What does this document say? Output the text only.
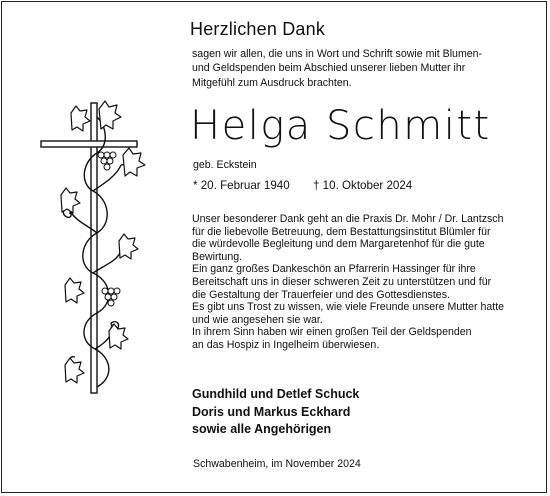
Herzlichen Dank
sagen wir allen, die uns in Wort und Schrift sowie mit Blumen-
und Geldspenden beim Abschied unserer lieben Mutter ihr
Mitgefühl zum Ausdruck brachten.
Helga Schmitt
geb. Eckstein
* 20. Februar 1940 † 10. Oktober 2024
Unser besonderer Dank geht an die Praxis Dr. Mohr / Dr. Lantzsch
für die liebevolle Betreuung, dem Bestattungsinstitut Blümler für
die würdevolle Begleitung und dem Margaretenhof für die gute
Bewirtung.
Ein ganz großes Dankeschön an Pfarrerin Hassinger für ihre
Bereitschaft uns in dieser schweren Zeit zu unterstützen und für
die Gestaltung der Trauerfeier und des Gottesdienstes.
Es gibt uns Trost zu wissen, wie viele Freunde unsere Mutter hatte
und wie angesehen sie war.
In ihrem Sinn haben wir einen großen Teil der Geldspenden
an das Hospiz in Ingelheim überwiesen.
Gundhild und Detlef Schuck
Doris und Markus Eckhard
sowie alle Angehörigen
Schwabenheim, im November 2024
